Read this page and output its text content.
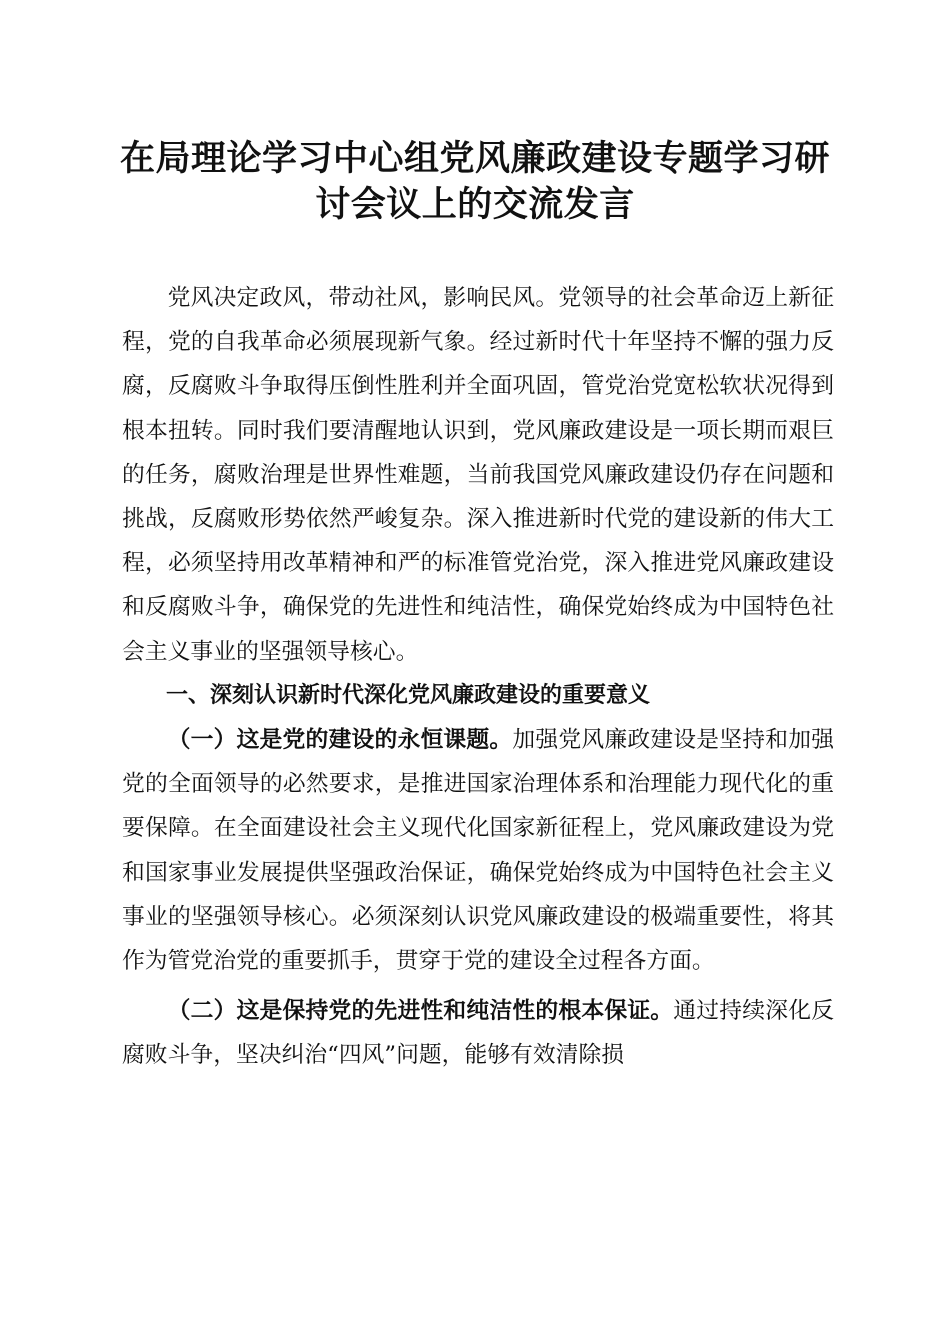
在局理论学习中心组党风廉政建设专题学习研
讨会议上的交流发言

党风决定政风，带动社风，影响民风。党领导的社会革命迈上新征程，党的自我革命必须展现新气象。经过新时代十年坚持不懈的强力反腐，反腐败斗争取得压倒性胜利并全面巩固，管党治党宽松软状况得到根本扭转。同时我们要清醒地认识到，党风廉政建设是一项长期而艰巨的任务，腐败治理是世界性难题，当前我国党风廉政建设仍存在问题和挑战，反腐败形势依然严峻复杂。深入推进新时代党的建设新的伟大工程，必须坚持用改革精神和严的标准管党治党，深入推进党风廉政建设和反腐败斗争，确保党的先进性和纯洁性，确保党始终成为中国特色社会主义事业的坚强领导核心。

一、深刻认识新时代深化党风廉政建设的重要意义

（一）这是党的建设的永恒课题。加强党风廉政建设是坚持和加强党的全面领导的必然要求，是推进国家治理体系和治理能力现代化的重要保障。在全面建设社会主义现代化国家新征程上，党风廉政建设为党和国家事业发展提供坚强政治保证，确保党始终成为中国特色社会主义事业的坚强领导核心。必须深刻认识党风廉政建设的极端重要性，将其作为管党治党的重要抓手，贯穿于党的建设全过程各方面。

（二）这是保持党的先进性和纯洁性的根本保证。通过持续深化反腐败斗争，坚决纠治“四风”问题，能够有效清除损
